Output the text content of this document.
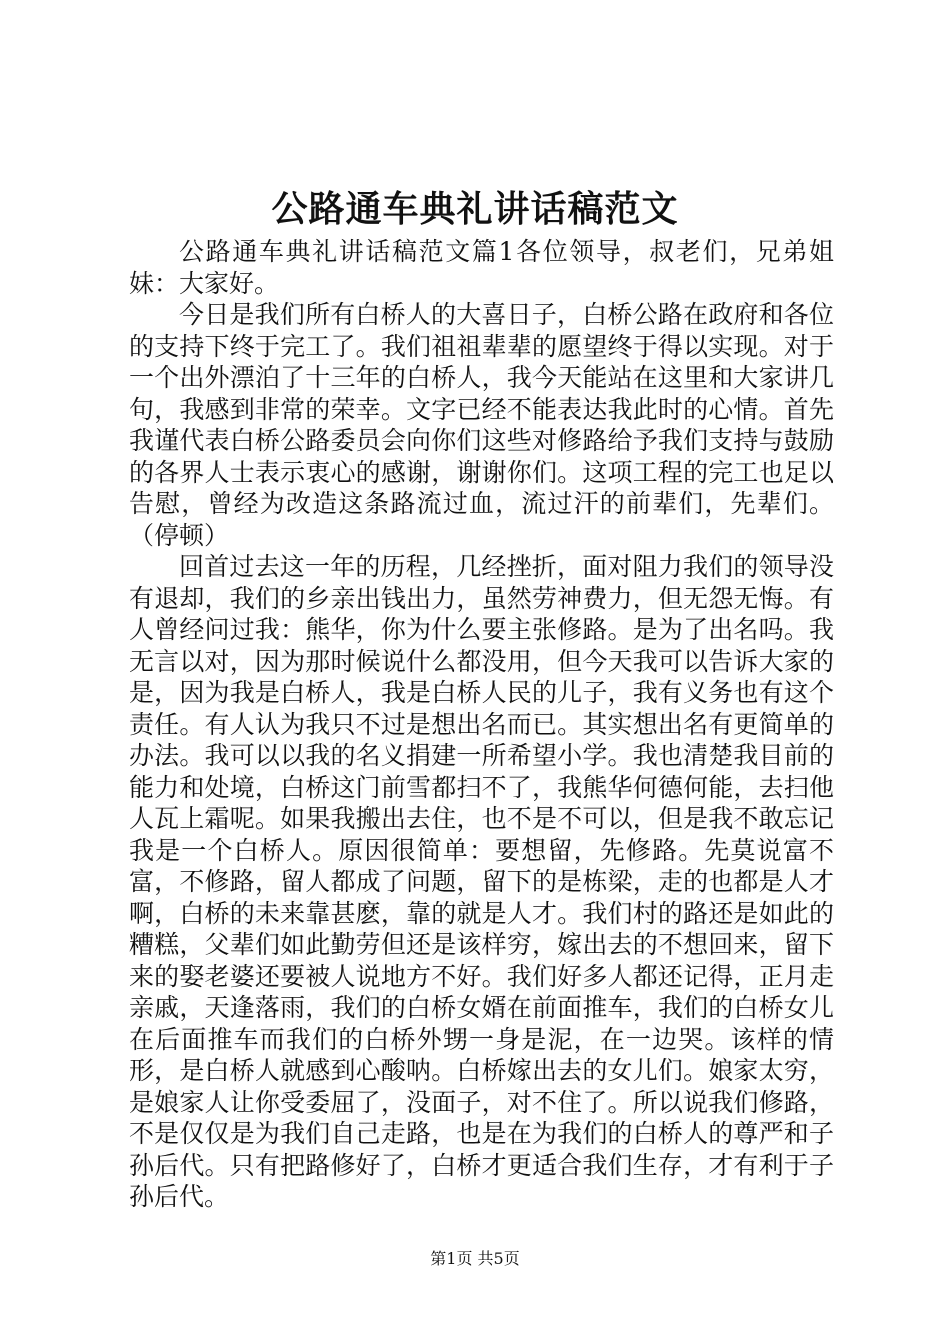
公路通车典礼讲话稿范文

公路通车典礼讲话稿范文篇1各位领导，叔老们，兄弟姐妹：大家好。

今日是我们所有白桥人的大喜日子，白桥公路在政府和各位的支持下终于完工了。我们祖祖辈辈的愿望终于得以实现。对于一个出外漂泊了十三年的白桥人，我今天能站在这里和大家讲几句，我感到非常的荣幸。文字已经不能表达我此时的心情。首先我谨代表白桥公路委员会向你们这些对修路给予我们支持与鼓励的各界人士表示衷心的感谢，谢谢你们。这项工程的完工也足以告慰，曾经为改造这条路流过血，流过汗的前辈们，先辈们。（停顿）

回首过去这一年的历程，几经挫折，面对阻力我们的领导没有退却，我们的乡亲出钱出力，虽然劳神费力，但无怨无悔。有人曾经问过我：熊华，你为什么要主张修路。是为了出名吗。我无言以对，因为那时候说什么都没用，但今天我可以告诉大家的是，因为我是白桥人，我是白桥人民的儿子，我有义务也有这个责任。有人认为我只不过是想出名而已。其实想出名有更简单的办法。我可以以我的名义捐建一所希望小学。我也清楚我目前的能力和处境，白桥这门前雪都扫不了，我熊华何德何能，去扫他人瓦上霜呢。如果我搬出去住，也不是不可以，但是我不敢忘记我是一个白桥人。原因很简单：要想留，先修路。先莫说富不富，不修路，留人都成了问题，留下的是栋梁，走的也都是人才啊，白桥的未来靠甚麽，靠的就是人才。我们村的路还是如此的糟糕，父辈们如此勤劳但还是该样穷，嫁出去的不想回来，留下来的娶老婆还要被人说地方不好。我们好多人都还记得，正月走亲戚，天逢落雨，我们的白桥女婿在前面推车，我们的白桥女儿在后面推车而我们的白桥外甥一身是泥，在一边哭。该样的情形，是白桥人就感到心酸呐。白桥嫁出去的女儿们。娘家太穷，是娘家人让你受委屈了，没面子，对不住了。所以说我们修路，不是仅仅是为我们自己走路，也是在为我们的白桥人的尊严和子孙后代。只有把路修好了，白桥才更适合我们生存，才有利于子孙后代。

第1页 共5页
